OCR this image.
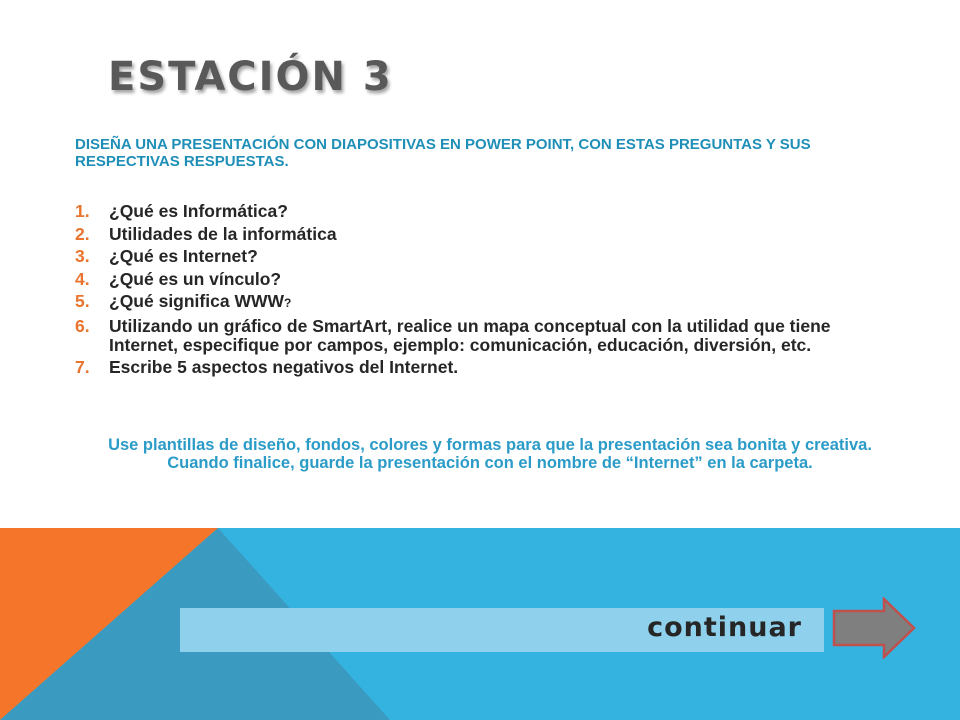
ESTACIÓN 3
DISEÑA UNA PRESENTACIÓN CON DIAPOSITIVAS EN POWER POINT, CON ESTAS PREGUNTAS Y SUS RESPECTIVAS RESPUESTAS.
1.	¿Qué es Informática?
2.	Utilidades de la informática
3.	¿Qué es Internet?
4.	¿Qué es un vínculo?
5.	¿Qué significa WWW?
6.	Utilizando un gráfico de SmartArt, realice un mapa conceptual con la utilidad que tiene Internet, especifique por campos, ejemplo: comunicación, educación, diversión, etc.
7.	Escribe 5 aspectos negativos del Internet.
Use plantillas de diseño, fondos, colores y formas para que la presentación sea bonita y creativa. Cuando finalice, guarde la presentación con el nombre de “Internet” en la carpeta.
continuar
